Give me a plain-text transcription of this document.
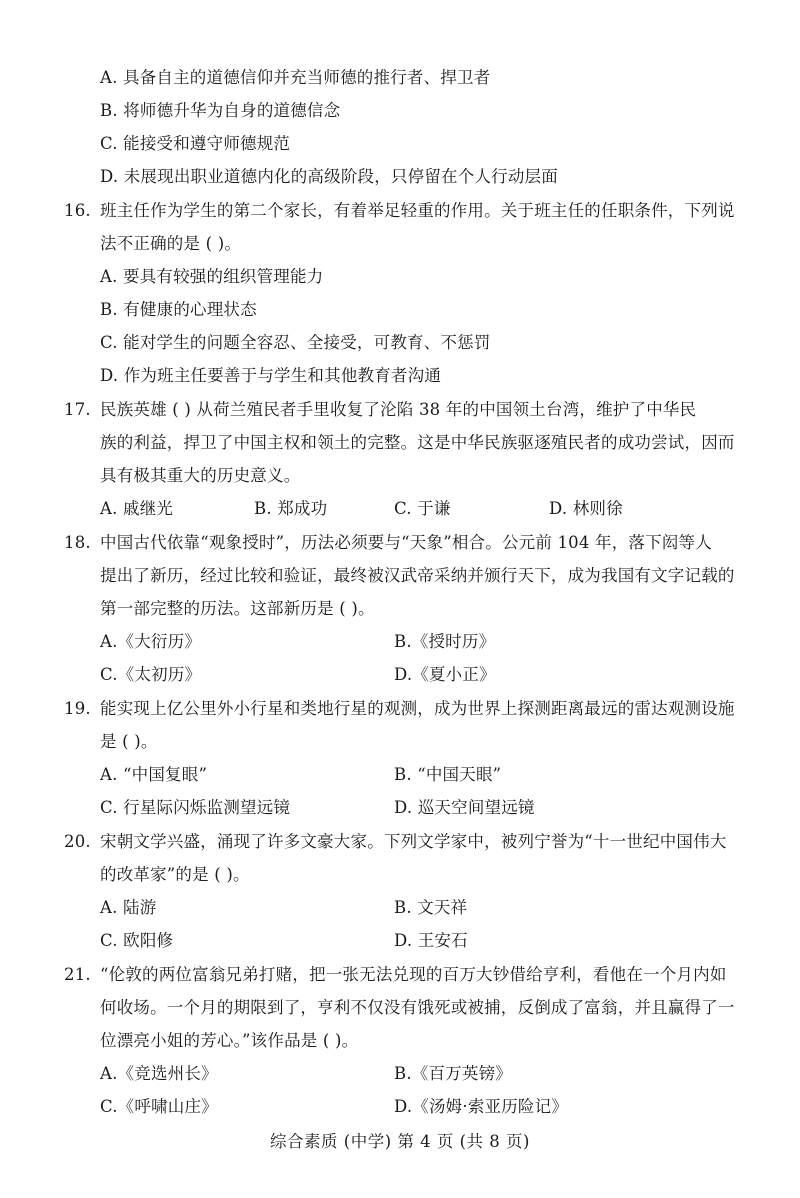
A. 具备自主的道德信仰并充当师德的推行者、捍卫者
B. 将师德升华为自身的道德信念
C. 能接受和遵守师德规范
D. 未展现出职业道德内化的高级阶段，只停留在个人行动层面
16. 班主任作为学生的第二个家长，有着举足轻重的作用。关于班主任的任职条件，下列说
法不正确的是 ( )。
A. 要具有较强的组织管理能力
B. 有健康的心理状态
C. 能对学生的问题全容忍、全接受，可教育、不惩罚
D. 作为班主任要善于与学生和其他教育者沟通
17. 民族英雄 ( ) 从荷兰殖民者手里收复了沦陷 38 年的中国领土台湾，维护了中华民
族的利益，捍卫了中国主权和领土的完整。这是中华民族驱逐殖民者的成功尝试，因而
具有极其重大的历史意义。
A. 戚继光	B. 郑成功	C. 于谦	D. 林则徐
18. 中国古代依靠“观象授时”，历法必须要与“天象”相合。公元前 104 年，落下闳等人
提出了新历，经过比较和验证，最终被汉武帝采纳并颁行天下，成为我国有文字记载的
第一部完整的历法。这部新历是 ( )。
A.《大衍历》	B.《授时历》
C.《太初历》	D.《夏小正》
19. 能实现上亿公里外小行星和类地行星的观测，成为世界上探测距离最远的雷达观测设施
是 ( )。
A. “中国复眼”	B. “中国天眼”
C. 行星际闪烁监测望远镜	D. 巡天空间望远镜
20. 宋朝文学兴盛，涌现了许多文豪大家。下列文学家中，被列宁誉为“十一世纪中国伟大
的改革家”的是 ( )。
A. 陆游	B. 文天祥
C. 欧阳修	D. 王安石
21. “伦敦的两位富翁兄弟打赌，把一张无法兑现的百万大钞借给亨利，看他在一个月内如
何收场。一个月的期限到了，亨利不仅没有饿死或被捕，反倒成了富翁，并且赢得了一
位漂亮小姐的芳心。”该作品是 ( )。
A.《竞选州长》	B.《百万英镑》
C.《呼啸山庄》	D.《汤姆·索亚历险记》
综合素质 (中学) 第 4 页 (共 8 页)
